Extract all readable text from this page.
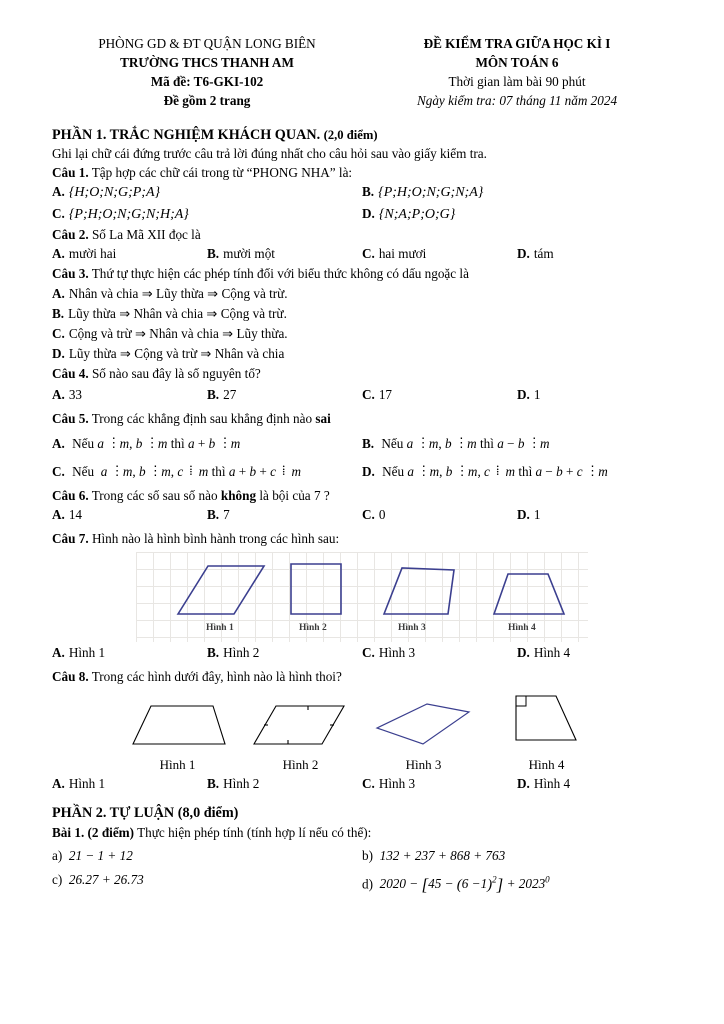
PHÒNG GD & ĐT QUẬN LONG BIÊN
TRƯỜNG THCS THANH AM
Mã đề: T6-GKI-102
Đề gồm 2 trang
ĐỀ KIỂM TRA GIỮA HỌC KÌ I
MÔN TOÁN 6
Thời gian làm bài 90 phút
Ngày kiểm tra: 07 tháng 11 năm 2024
PHẦN 1. TRẮC NGHIỆM KHÁCH QUAN. (2,0 điểm)
Ghi lại chữ cái đứng trước câu trả lời đúng nhất cho câu hỏi sau vào giấy kiểm tra.
Câu 1. Tập hợp các chữ cái trong từ “PHONG NHA” là:
A. {H;O;N;G;P;A}	B. {P;H;O;N;G;N;A}
C. {P;H;O;N;G;N;H;A}	D. {N;A;P;O;G}
Câu 2. Số La Mã XII đọc là
A. mười hai	B. mười một	C. hai mươi	D. tám
Câu 3. Thứ tự thực hiện các phép tính đối với biểu thức không có dấu ngoặc là
A. Nhân và chia ⇒ Lũy thừa ⇒ Cộng và trừ.
B. Lũy thừa ⇒ Nhân và chia ⇒ Cộng và trừ.
C. Cộng và trừ ⇒ Nhân và chia ⇒ Lũy thừa.
D. Lũy thừa ⇒ Cộng và trừ ⇒ Nhân và chia
Câu 4. Số nào sau đây là số nguyên tố?
A. 33	B. 27	C. 17	D. 1
Câu 5. Trong các khẳng định sau khẳng định nào sai
A. Nếu a ⋮ m, b ⋮ m thì a + b ⋮ m	B. Nếu a ⋮ m, b ⋮ m thì a − b ⋮ m
C. Nếu  a ⋮ m, b ⋮ m, c ⁞ m thì a + b + c ⁞ m	D. Nếu a ⋮ m, b ⋮ m, c ⁞ m thì a − b + c ⋮ m
Câu 6. Trong các số sau số nào không là bội của 7 ?
A. 14	B. 7	C. 0	D. 1
Câu 7. Hình nào là hình bình hành trong các hình sau:
Hình 1	Hình 2	Hình 3	Hình 4
A. Hình 1	B. Hình 2	C. Hình 3	D. Hình 4
Câu 8. Trong các hình dưới đây, hình nào là hình thoi?
Hình 1	Hình 2	Hình 3	Hình 4
A. Hình 1	B. Hình 2	C. Hình 3	D. Hình 4
PHẦN 2. TỰ LUẬN (8,0 điểm)
Bài 1. (2 điểm) Thực hiện phép tính (tính hợp lí nếu có thể):
a)  21 − 1 + 12	b)  132 + 237 + 868 + 763
c)  26.27 + 26.73	d)  $2020 - [45 - (6 -1)^2] + 2023^0$
